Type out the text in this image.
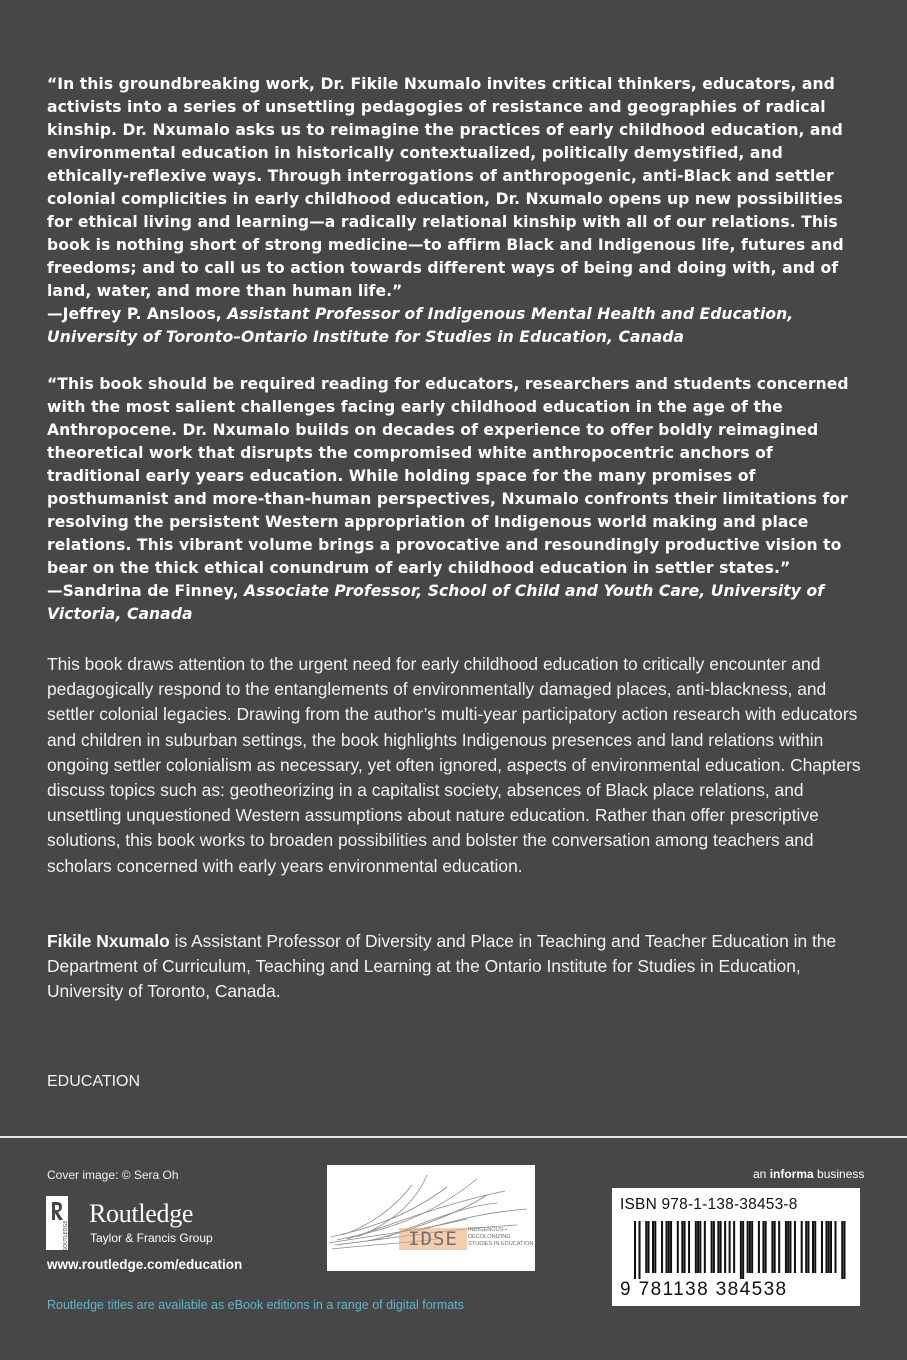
“In this groundbreaking work, Dr. Fikile Nxumalo invites critical thinkers, educators, and activists into a series of unsettling pedagogies of resistance and geographies of radical kinship. Dr. Nxumalo asks us to reimagine the practices of early childhood education, and environmental education in historically contextualized, politically demystified, and ethically-reflexive ways. Through interrogations of anthropogenic, anti-Black and settler colonial complicities in early childhood education, Dr. Nxumalo opens up new possibilities for ethical living and learning—a radically relational kinship with all of our relations. This book is nothing short of strong medicine—to affirm Black and Indigenous life, futures and freedoms; and to call us to action towards different ways of being and doing with, and of land, water, and more than human life.”
—Jeffrey P. Ansloos, Assistant Professor of Indigenous Mental Health and Education, University of Toronto–Ontario Institute for Studies in Education, Canada

“This book should be required reading for educators, researchers and students concerned with the most salient challenges facing early childhood education in the age of the Anthropocene. Dr. Nxumalo builds on decades of experience to offer boldly reimagined theoretical work that disrupts the compromised white anthropocentric anchors of traditional early years education. While holding space for the many promises of posthumanist and more-than-human perspectives, Nxumalo confronts their limitations for resolving the persistent Western appropriation of Indigenous world making and place relations. This vibrant volume brings a provocative and resoundingly productive vision to bear on the thick ethical conundrum of early childhood education in settler states.”
—Sandrina de Finney, Associate Professor, School of Child and Youth Care, University of Victoria, Canada

This book draws attention to the urgent need for early childhood education to critically encounter and pedagogically respond to the entanglements of environmentally damaged places, anti-blackness, and settler colonial legacies. Drawing from the author’s multi-year participatory action research with educators and children in suburban settings, the book highlights Indigenous presences and land relations within ongoing settler colonialism as necessary, yet often ignored, aspects of environmental education. Chapters discuss topics such as: geotheorizing in a capitalist society, absences of Black place relations, and unsettling unquestioned Western assumptions about nature education. Rather than offer prescriptive solutions, this book works to broaden possibilities and bolster the conversation among teachers and scholars concerned with early years environmental education.

Fikile Nxumalo is Assistant Professor of Diversity and Place in Teaching and Teacher Education in the Department of Curriculum, Teaching and Learning at the Ontario Institute for Studies in Education, University of Toronto, Canada.

EDUCATION
Cover image: © Sera Oh
ROUTLEDGE
Routledge
Taylor & Francis Group
www.routledge.com/education
Routledge titles are available as eBook editions in a range of digital formats
IDSE	INDIGENOUS • DECOLONIZING STUDIES IN EDUCATION
an informa business
ISBN 978-1-138-38453-8
9 781138 384538
